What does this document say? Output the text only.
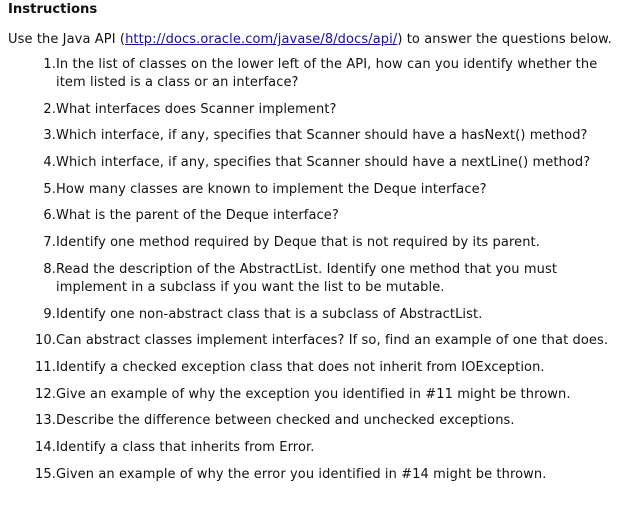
Instructions
Use the Java API (http://docs.oracle.com/javase/8/docs/api/) to answer the questions below.
1. In the list of classes on the lower left of the API, how can you identify whether the item listed is a class or an interface?
2. What interfaces does Scanner implement?
3. Which interface, if any, specifies that Scanner should have a hasNext() method?
4. Which interface, if any, specifies that Scanner should have a nextLine() method?
5. How many classes are known to implement the Deque interface?
6. What is the parent of the Deque interface?
7. Identify one method required by Deque that is not required by its parent.
8. Read the description of the AbstractList. Identify one method that you must implement in a subclass if you want the list to be mutable.
9. Identify one non-abstract class that is a subclass of AbstractList.
10. Can abstract classes implement interfaces? If so, find an example of one that does.
11. Identify a checked exception class that does not inherit from IOException.
12. Give an example of why the exception you identified in #11 might be thrown.
13. Describe the difference between checked and unchecked exceptions.
14. Identify a class that inherits from Error.
15. Given an example of why the error you identified in #14 might be thrown.
